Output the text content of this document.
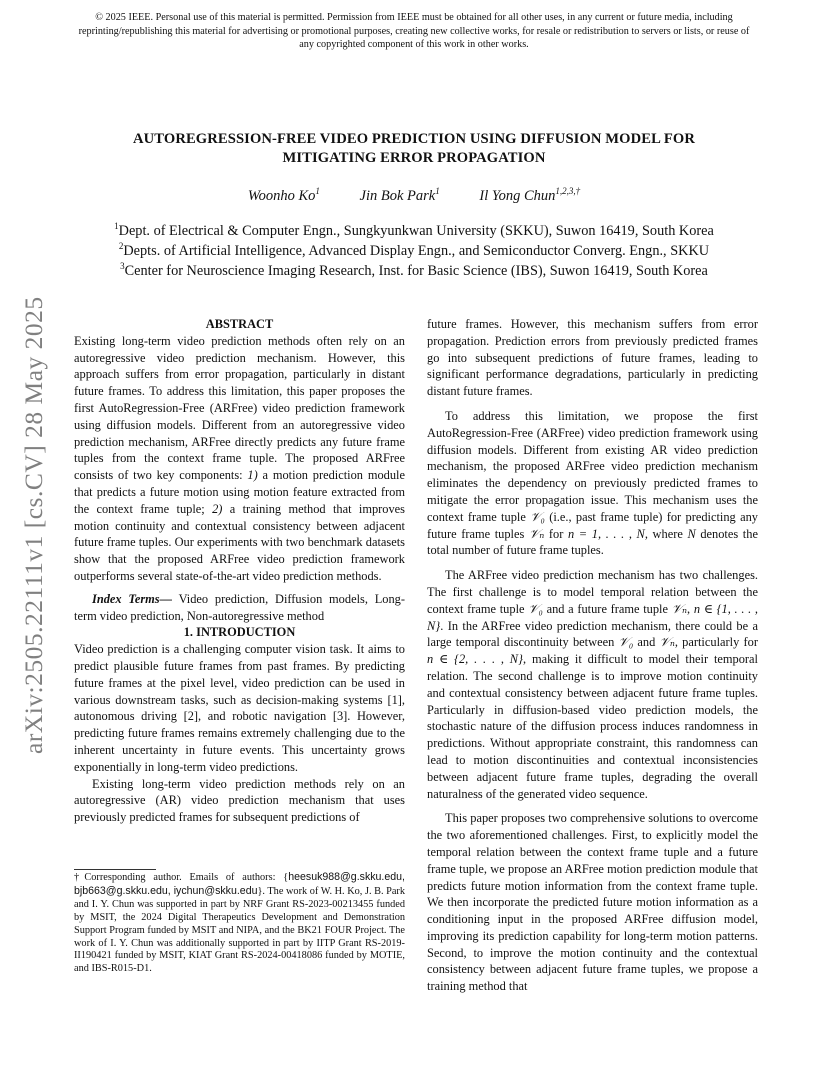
© 2025 IEEE. Personal use of this material is permitted. Permission from IEEE must be obtained for all other uses, in any current or future media, including reprinting/republishing this material for advertising or promotional purposes, creating new collective works, for resale or redistribution to servers or lists, or reuse of any copyrighted component of this work in other works.
AUTOREGRESSION-FREE VIDEO PREDICTION USING DIFFUSION MODEL FOR
MITIGATING ERROR PROPAGATION
Woonho Ko$^1$	Jin Bok Park$^1$	Il Yong Chun$^{1,2,3,\dagger}$
$^1$Dept. of Electrical & Computer Engn., Sungkyunkwan University (SKKU), Suwon 16419, South Korea
$^2$Depts. of Artificial Intelligence, Advanced Display Engn., and Semiconductor Converg. Engn., SKKU
$^3$Center for Neuroscience Imaging Research, Inst. for Basic Science (IBS), Suwon 16419, South Korea
arXiv:2505.22111v1 [cs.CV] 28 May 2025	ABSTRACT

Existing long-term video prediction methods often rely on an autoregressive video prediction mechanism. However, this approach suffers from error propagation, particularly in distant future frames. To address this limitation, this paper proposes the first AutoRegression-Free (ARFree) video prediction framework using diffusion models. Different from an autoregressive video prediction mechanism, ARFree directly predicts any future frame tuples from the context frame tuple. The proposed ARFree consists of two key components: 1) a motion prediction module that predicts a future motion using motion feature extracted from the context frame tuple; 2) a training method that improves motion continuity and contextual consistency between adjacent future frame tuples. Our experiments with two benchmark datasets show that the proposed ARFree video prediction framework outperforms several state-of-the-art video prediction methods.

Index Terms— Video prediction, Diffusion models, Long-term video prediction, Non-autoregressive method

1. INTRODUCTION

Video prediction is a challenging computer vision task. It aims to predict plausible future frames from past frames. By predicting future frames at the pixel level, video prediction can be used in various downstream tasks, such as decision-making systems [1], autonomous driving [2], and robotic navigation [3]. However, predicting future frames remains extremely challenging due to the inherent uncertainty in future events. This uncertainty grows exponentially in long-term video predictions.

Existing long-term video prediction methods rely on an autoregressive (AR) video prediction mechanism that uses previously predicted frames for subsequent predictions of

†Corresponding author. Emails of authors: {heesuk988@g.skku.edu, bjb663@g.skku.edu, iychun@skku.edu}. The work of W. H. Ko, J. B. Park and I. Y. Chun was supported in part by NRF Grant RS-2023-00213455 funded by MSIT, the 2024 Digital Therapeutics Development and Demonstration Support Program funded by MSIT and NIPA, and the BK21 FOUR Project. The work of I. Y. Chun was additionally supported in part by IITP Grant RS-2019-II190421 funded by MSIT, KIAT Grant RS-2024-00418086 funded by MOTIE, and IBS-R015-D1.

future frames. However, this mechanism suffers from error propagation. Prediction errors from previously predicted frames go into subsequent predictions of future frames, leading to significant performance degradations, particularly in predicting distant future frames.

To address this limitation, we propose the first AutoRegression-Free (ARFree) video prediction framework using diffusion models. Different from existing AR video prediction mechanism, the proposed ARFree video prediction mechanism eliminates the dependency on previously predicted frames to mitigate the error propagation issue. This mechanism uses the context frame tuple 𝒱₀ (i.e., past frame tuple) for predicting any future frame tuples 𝒱ₙ for n = 1, . . . , N, where N denotes the total number of future frame tuples.

The ARFree video prediction mechanism has two challenges. The first challenge is to model temporal relation between the context frame tuple 𝒱₀ and a future frame tuple 𝒱ₙ, n ∈ {1, . . . , N}. In the ARFree video prediction mechanism, there could be a large temporal discontinuity between 𝒱₀ and 𝒱ₙ, particularly for n ∈ {2, . . . , N}, making it difficult to model their temporal relation. The second challenge is to improve motion continuity and contextual consistency between adjacent future frame tuples. Particularly in diffusion-based video prediction models, the stochastic nature of the diffusion process induces randomness in predictions. Without appropriate constraint, this randomness can lead to motion discontinuities and contextual inconsistencies between adjacent future frame tuples, degrading the overall naturalness of the generated video sequence.

This paper proposes two comprehensive solutions to overcome the two aforementioned challenges. First, to explicitly model the temporal relation between the context frame tuple and a future frame tuple, we propose an ARFree motion prediction module that predicts future motion information from the context frame tuple. We then incorporate the predicted future motion information as a conditioning input in the proposed ARFree diffusion model, improving its prediction capability for long-term motion patterns. Second, to improve the motion continuity and the contextual consistency between adjacent future frame tuples, we propose a training method that
